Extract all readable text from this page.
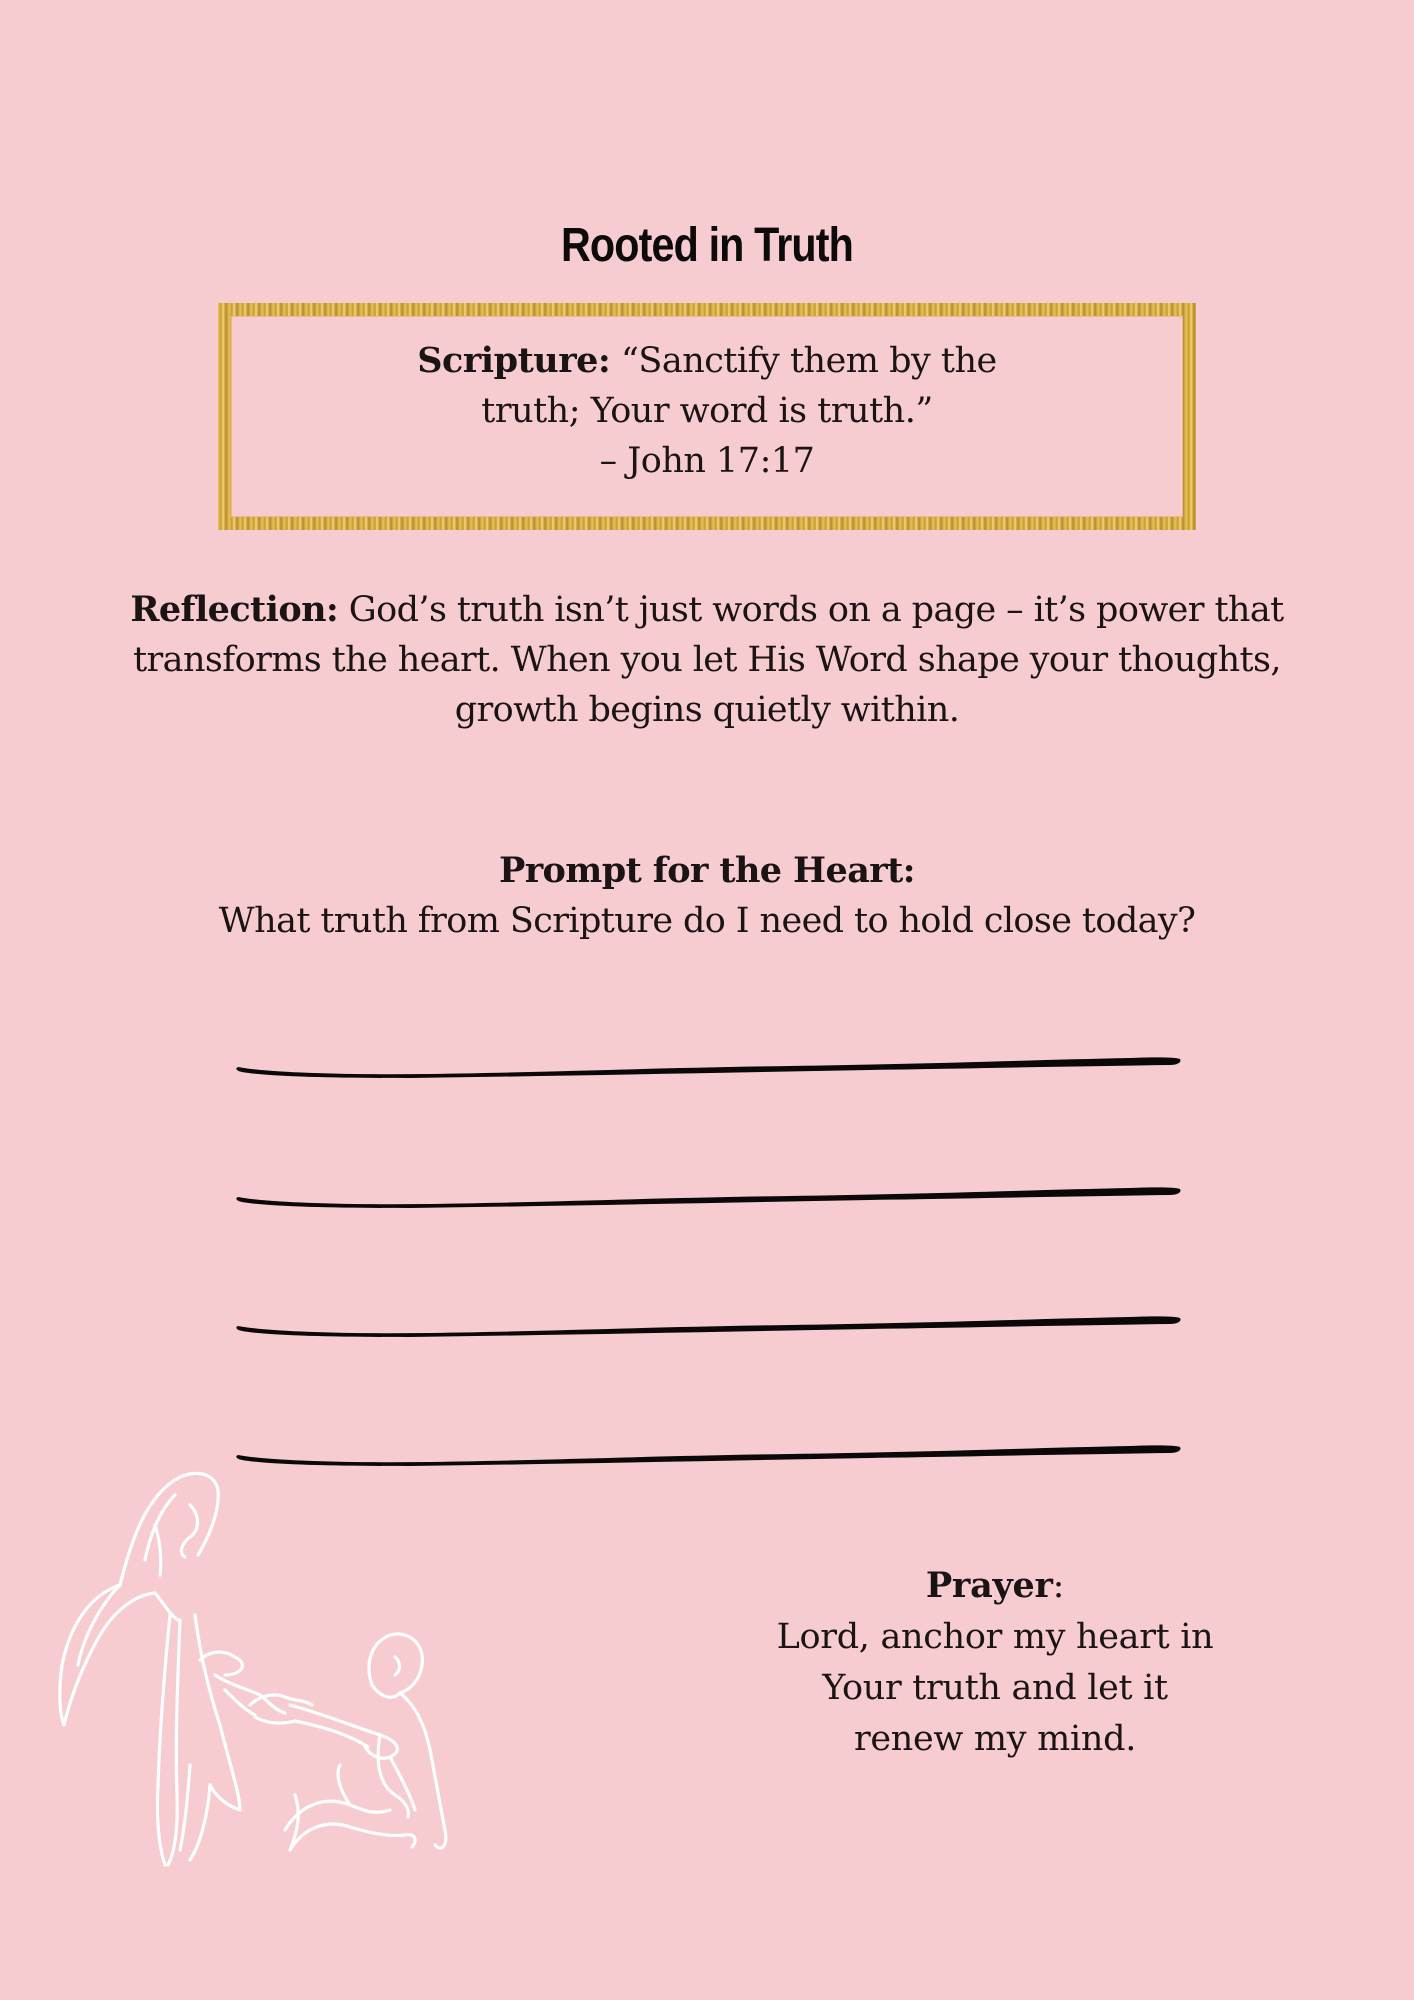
Rooted in Truth
Scripture: “Sanctify them by the
truth; Your word is truth.”
– John 17:17
Reflection: God’s truth isn’t just words on a page – it’s power that
transforms the heart. When you let His Word shape your thoughts,
growth begins quietly within.
Prompt for the Heart:
What truth from Scripture do I need to hold close today?
Prayer:
Lord, anchor my heart in
Your truth and let it
renew my mind.
